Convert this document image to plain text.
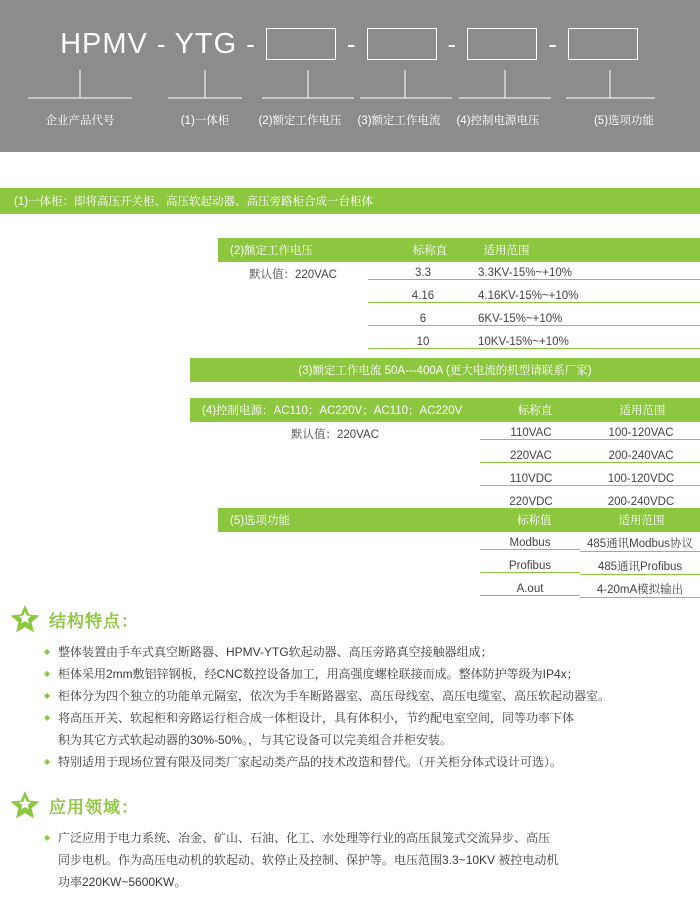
HPMV - YTG -	-	-	-
企业产品代号	(1)一体柜	(2)额定工作电压	(3)额定工作电流	(4)控制电源电压	(5)选项功能
(1)一体柜：即将高压开关柜、高压软起动器、高压旁路柜合成一台柜体
(2)额定工作电压	标称直	适用范围
默认值：220VAC	3.3	3.3KV-15%~+10%
4.16	4.16KV-15%~+10%
6	6KV-15%~+10%
10	10KV-15%~+10%
(3)额定工作电流 50A---400A (更大电流的机型请联系厂家)
(4)控制电源：AC110；AC220V；AC110；AC220V	标称直	适用范围
默认值：220VAC	110VAC	100-120VAC
220VAC	200-240VAC
110VDC	100-120VDC
220VDC	200-240VDC
(5)选项功能	标称值	适用范围
Modbus	485通讯Modbus协议
Profibus	485通讯Profibus
A.out	4-20mA模拟输出
结构特点：
◆ 整体装置由手车式真空断路器、HPMV-YTG软起动器、高压旁路真空接触器组成；
◆ 柜体采用2mm敷铝锌钢板，经CNC数控设备加工，用高强度螺栓联接而成。整体防护等级为IP4x；
◆ 柜体分为四个独立的功能单元隔室，依次为手车断路器室、高压母线室、高压电缆室、高压软起动器室。
◆ 将高压开关、软起柜和旁路运行柜合成一体柜设计，具有体积小，节约配电室空间，同等功率下体
积为其它方式软起动器的30%-50%。，与其它设备可以完美组合并柜安装。
◆ 特别适用于现场位置有限及同类厂家起动类产品的技术改造和替代。（开关柜分体式设计可选）。
应用领域：
◆ 广泛应用于电力系统、冶金、矿山、石油、化工、水处理等行业的高压鼠笼式交流异步、高压
同步电机。作为高压电动机的软起动、软停止及控制、保护等。电压范围3.3~10KV 被控电动机
功率220KW~5600KW。
